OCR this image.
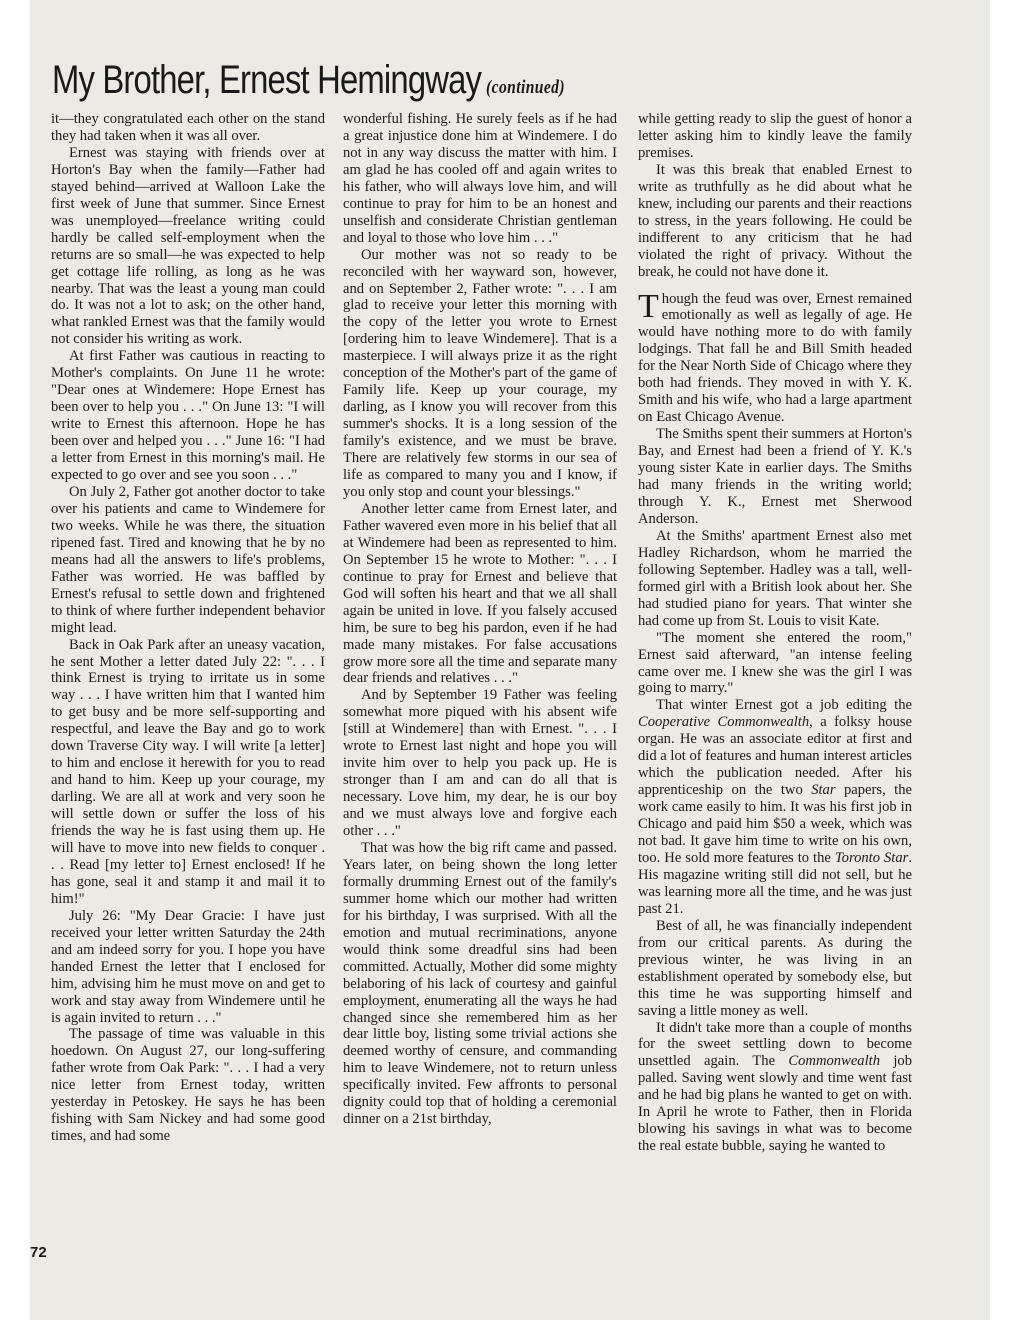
My Brother, Ernest Hemingway (continued)

it—they congratulated each other on the stand they had taken when it was all over.

Ernest was staying with friends over at Horton's Bay when the family—Father had stayed behind—arrived at Walloon Lake the first week of June that summer. Since Ernest was unemployed—freelance writing could hardly be called self-employment when the returns are so small—he was expected to help get cottage life rolling, as long as he was nearby. That was the least a young man could do. It was not a lot to ask; on the other hand, what rankled Ernest was that the family would not consider his writing as work.

At first Father was cautious in reacting to Mother's complaints. On June 11 he wrote: "Dear ones at Windemere: Hope Ernest has been over to help you . . ." On June 13: "I will write to Ernest this afternoon. Hope he has been over and helped you . . ." June 16: "I had a letter from Ernest in this morning's mail. He expected to go over and see you soon . . ."

On July 2, Father got another doctor to take over his patients and came to Windemere for two weeks. While he was there, the situation ripened fast. Tired and knowing that he by no means had all the answers to life's problems, Father was worried. He was baffled by Ernest's refusal to settle down and frightened to think of where further independent behavior might lead.

Back in Oak Park after an uneasy vacation, he sent Mother a letter dated July 22: ". . . I think Ernest is trying to irritate us in some way . . . I have written him that I wanted him to get busy and be more self-supporting and respectful, and leave the Bay and go to work down Traverse City way. I will write [a letter] to him and enclose it herewith for you to read and hand to him. Keep up your courage, my darling. We are all at work and very soon he will settle down or suffer the loss of his friends the way he is fast using them up. He will have to move into new fields to conquer . . . Read [my letter to] Ernest enclosed! If he has gone, seal it and stamp it and mail it to him!"

July 26: "My Dear Gracie: I have just received your letter written Saturday the 24th and am indeed sorry for you. I hope you have handed Ernest the letter that I enclosed for him, advising him he must move on and get to work and stay away from Windemere until he is again invited to return . . ."

The passage of time was valuable in this hoedown. On August 27, our long-suffering father wrote from Oak Park: ". . . I had a very nice letter from Ernest today, written yesterday in Petoskey. He says he has been fishing with Sam Nickey and had some good times, and had some

wonderful fishing. He surely feels as if he had a great injustice done him at Windemere. I do not in any way discuss the matter with him. I am glad he has cooled off and again writes to his father, who will always love him, and will continue to pray for him to be an honest and unselfish and considerate Christian gentleman and loyal to those who love him . . ."

Our mother was not so ready to be reconciled with her wayward son, however, and on September 2, Father wrote: ". . . I am glad to receive your letter this morning with the copy of the letter you wrote to Ernest [ordering him to leave Windemere]. That is a masterpiece. I will always prize it as the right conception of the Mother's part of the game of Family life. Keep up your courage, my darling, as I know you will recover from this summer's shocks. It is a long session of the family's existence, and we must be brave. There are relatively few storms in our sea of life as compared to many you and I know, if you only stop and count your blessings."

Another letter came from Ernest later, and Father wavered even more in his belief that all at Windemere had been as represented to him. On September 15 he wrote to Mother: ". . . I continue to pray for Ernest and believe that God will soften his heart and that we all shall again be united in love. If you falsely accused him, be sure to beg his pardon, even if he had made many mistakes. For false accusations grow more sore all the time and separate many dear friends and relatives . . ."

And by September 19 Father was feeling somewhat more piqued with his absent wife [still at Windemere] than with Ernest. ". . . I wrote to Ernest last night and hope you will invite him over to help you pack up. He is stronger than I am and can do all that is necessary. Love him, my dear, he is our boy and we must always love and forgive each other . . ."

That was how the big rift came and passed. Years later, on being shown the long letter formally drumming Ernest out of the family's summer home which our mother had written for his birthday, I was surprised. With all the emotion and mutual recriminations, anyone would think some dreadful sins had been committed. Actually, Mother did some mighty belaboring of his lack of courtesy and gainful employment, enumerating all the ways he had changed since she remembered him as her dear little boy, listing some trivial actions she deemed worthy of censure, and commanding him to leave Windemere, not to return unless specifically invited. Few affronts to personal dignity could top that of holding a ceremonial dinner on a 21st birthday,

while getting ready to slip the guest of honor a letter asking him to kindly leave the family premises.

It was this break that enabled Ernest to write as truthfully as he did about what he knew, including our parents and their reactions to stress, in the years following. He could be indifferent to any criticism that he had violated the right of privacy. Without the break, he could not have done it.

Though the feud was over, Ernest remained emotionally as well as legally of age. He would have nothing more to do with family lodgings. That fall he and Bill Smith headed for the Near North Side of Chicago where they both had friends. They moved in with Y. K. Smith and his wife, who had a large apartment on East Chicago Avenue.

The Smiths spent their summers at Horton's Bay, and Ernest had been a friend of Y. K.'s young sister Kate in earlier days. The Smiths had many friends in the writing world; through Y. K., Ernest met Sherwood Anderson.

At the Smiths' apartment Ernest also met Hadley Richardson, whom he married the following September. Hadley was a tall, well-formed girl with a British look about her. She had studied piano for years. That winter she had come up from St. Louis to visit Kate.

"The moment she entered the room," Ernest said afterward, "an intense feeling came over me. I knew she was the girl I was going to marry."

That winter Ernest got a job editing the Cooperative Commonwealth, a folksy house organ. He was an associate editor at first and did a lot of features and human interest articles which the publication needed. After his apprenticeship on the two Star papers, the work came easily to him. It was his first job in Chicago and paid him $50 a week, which was not bad. It gave him time to write on his own, too. He sold more features to the Toronto Star. His magazine writing still did not sell, but he was learning more all the time, and he was just past 21.

Best of all, he was financially independent from our critical parents. As during the previous winter, he was living in an establishment operated by somebody else, but this time he was supporting himself and saving a little money as well.

It didn't take more than a couple of months for the sweet settling down to become unsettled again. The Commonwealth job palled. Saving went slowly and time went fast and he had big plans he wanted to get on with. In April he wrote to Father, then in Florida blowing his savings in what was to become the real estate bubble, saying he wanted to

72
